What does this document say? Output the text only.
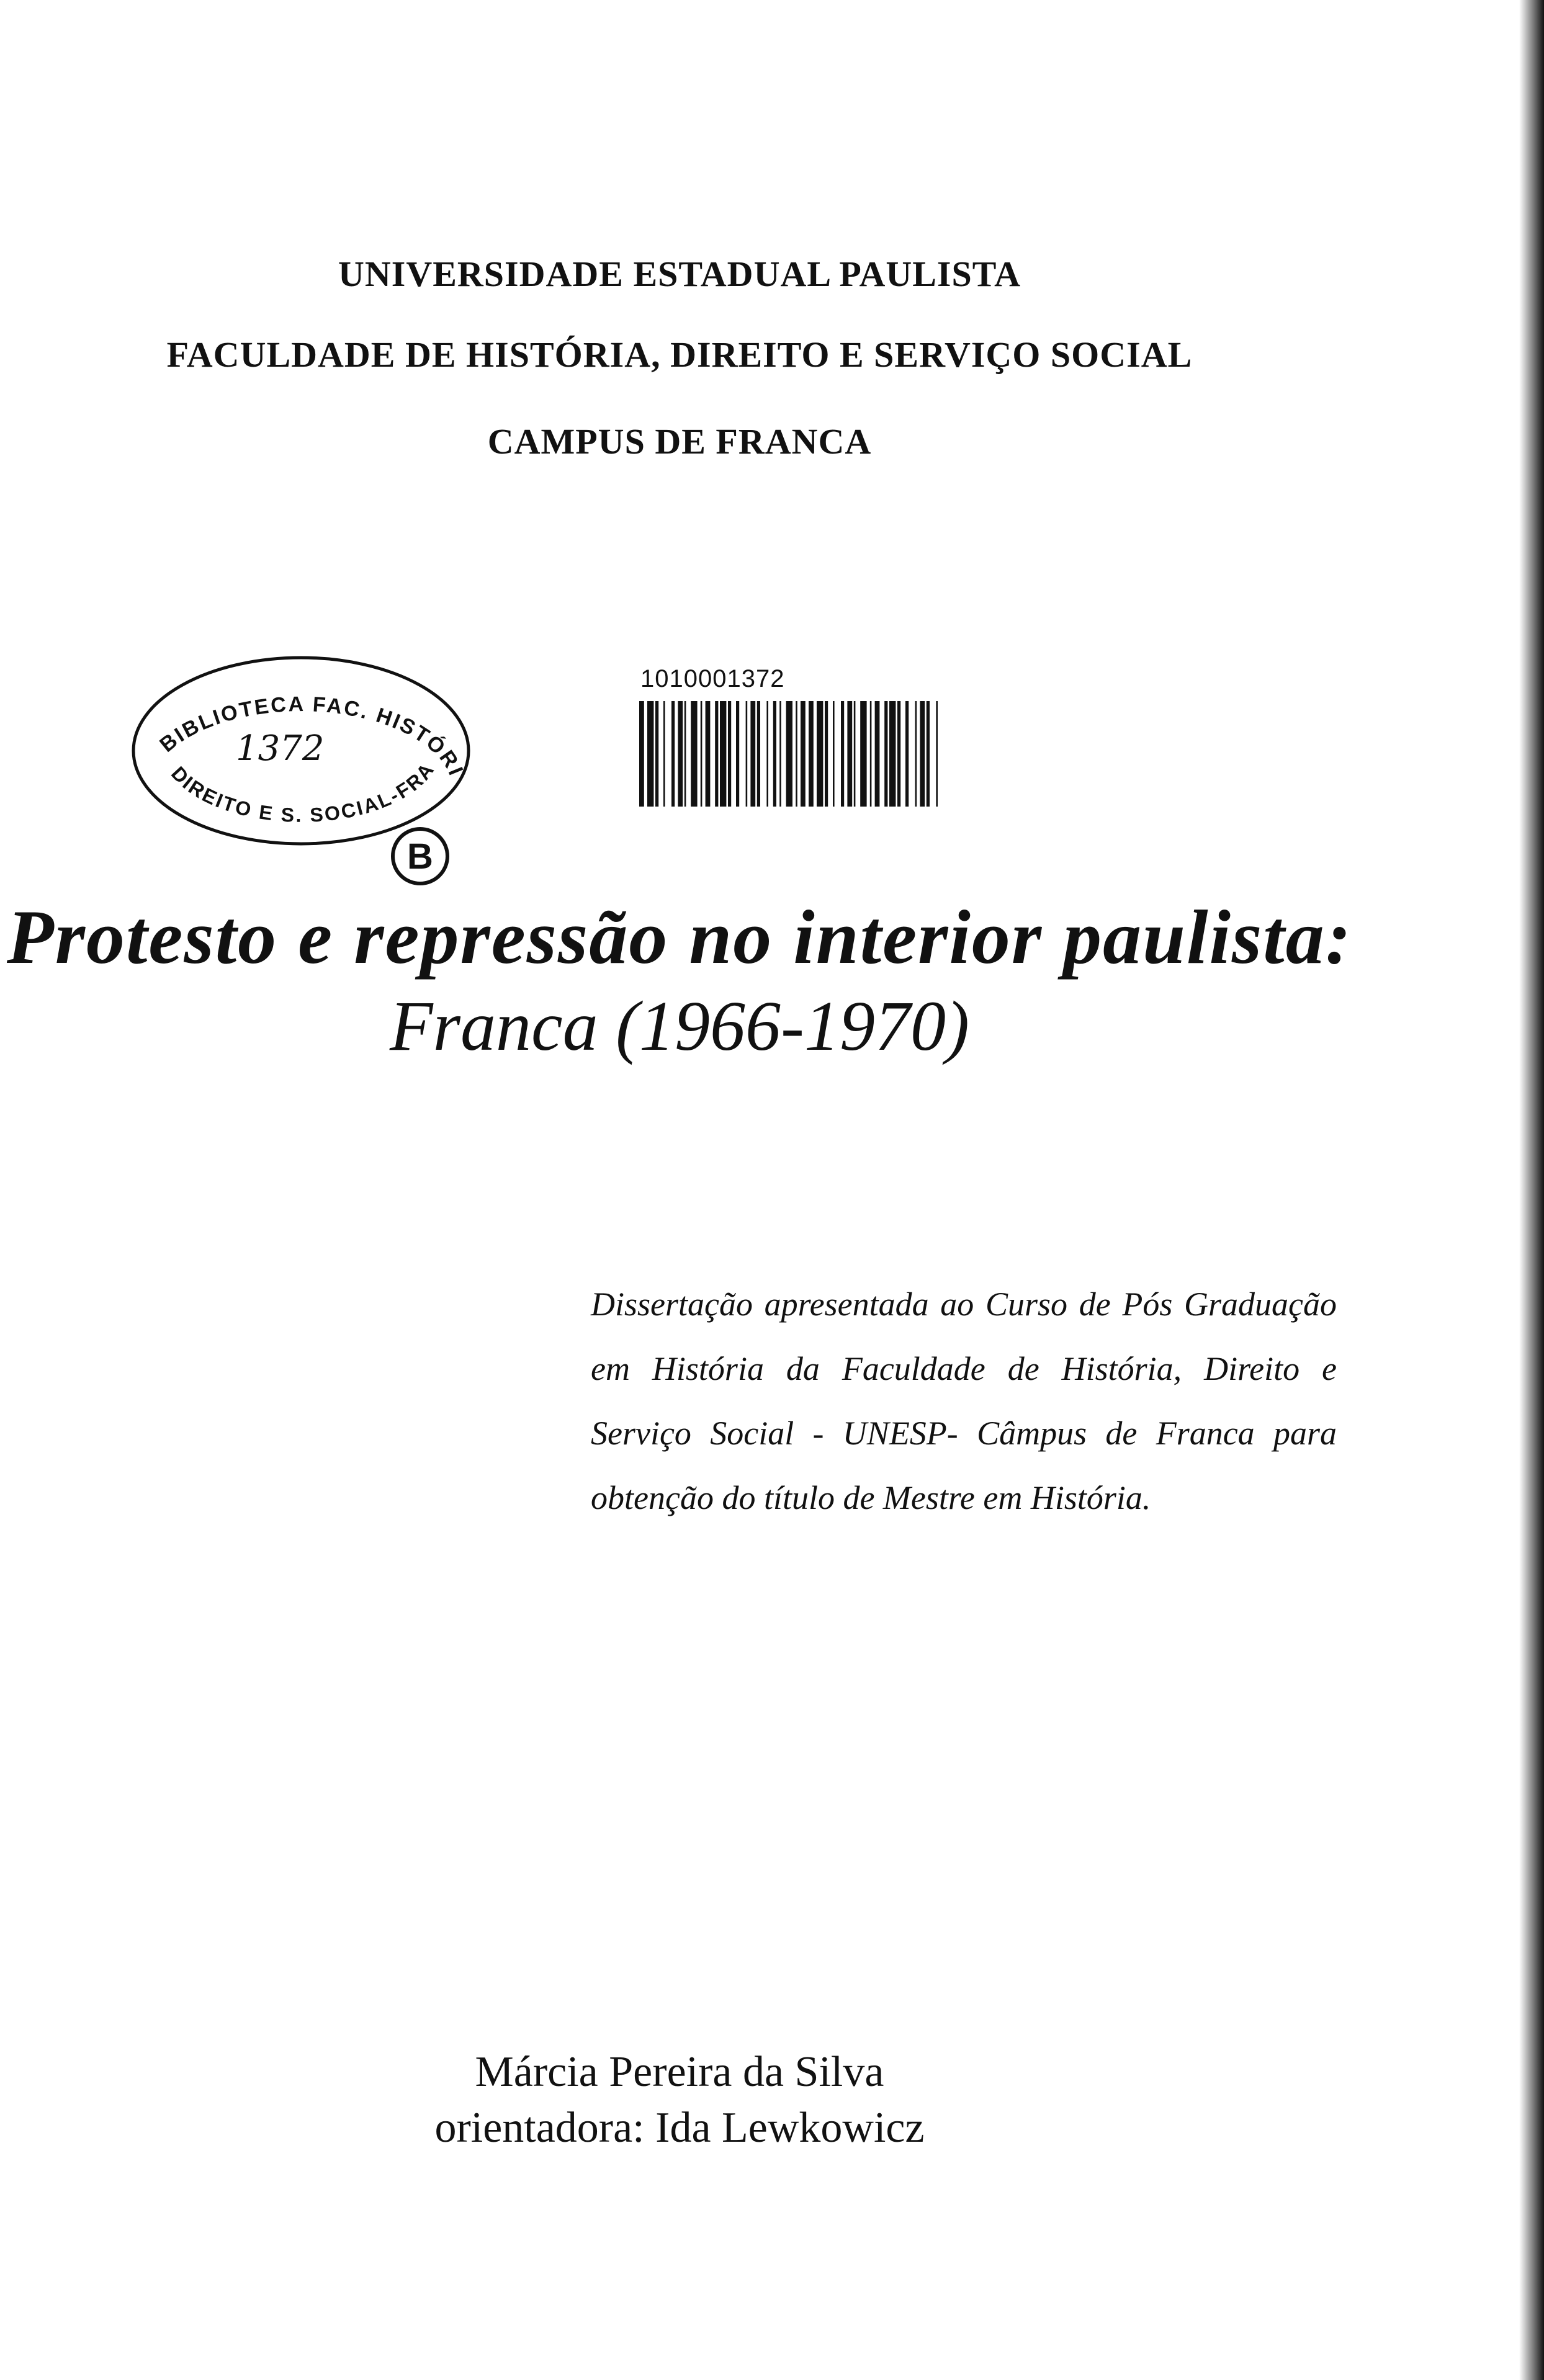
UNIVERSIDADE ESTADUAL PAULISTA
FACULDADE DE HISTÓRIA, DIREITO E SERVIÇO SOCIAL
CAMPUS DE FRANCA
BIBLIOTECA FAC. HISTÓRI
DIREITO E S. SOCIAL-FRA
1372
B
1010001372
Protesto e repressão no interior paulista:
Franca (1966-1970)
Dissertação apresentada ao Curso de Pós Graduação em História da Faculdade de História, Direito e Serviço Social - UNESP- Câmpus de Franca para obtenção do título de Mestre em História.
Márcia Pereira da Silva
orientadora: Ida Lewkowicz
